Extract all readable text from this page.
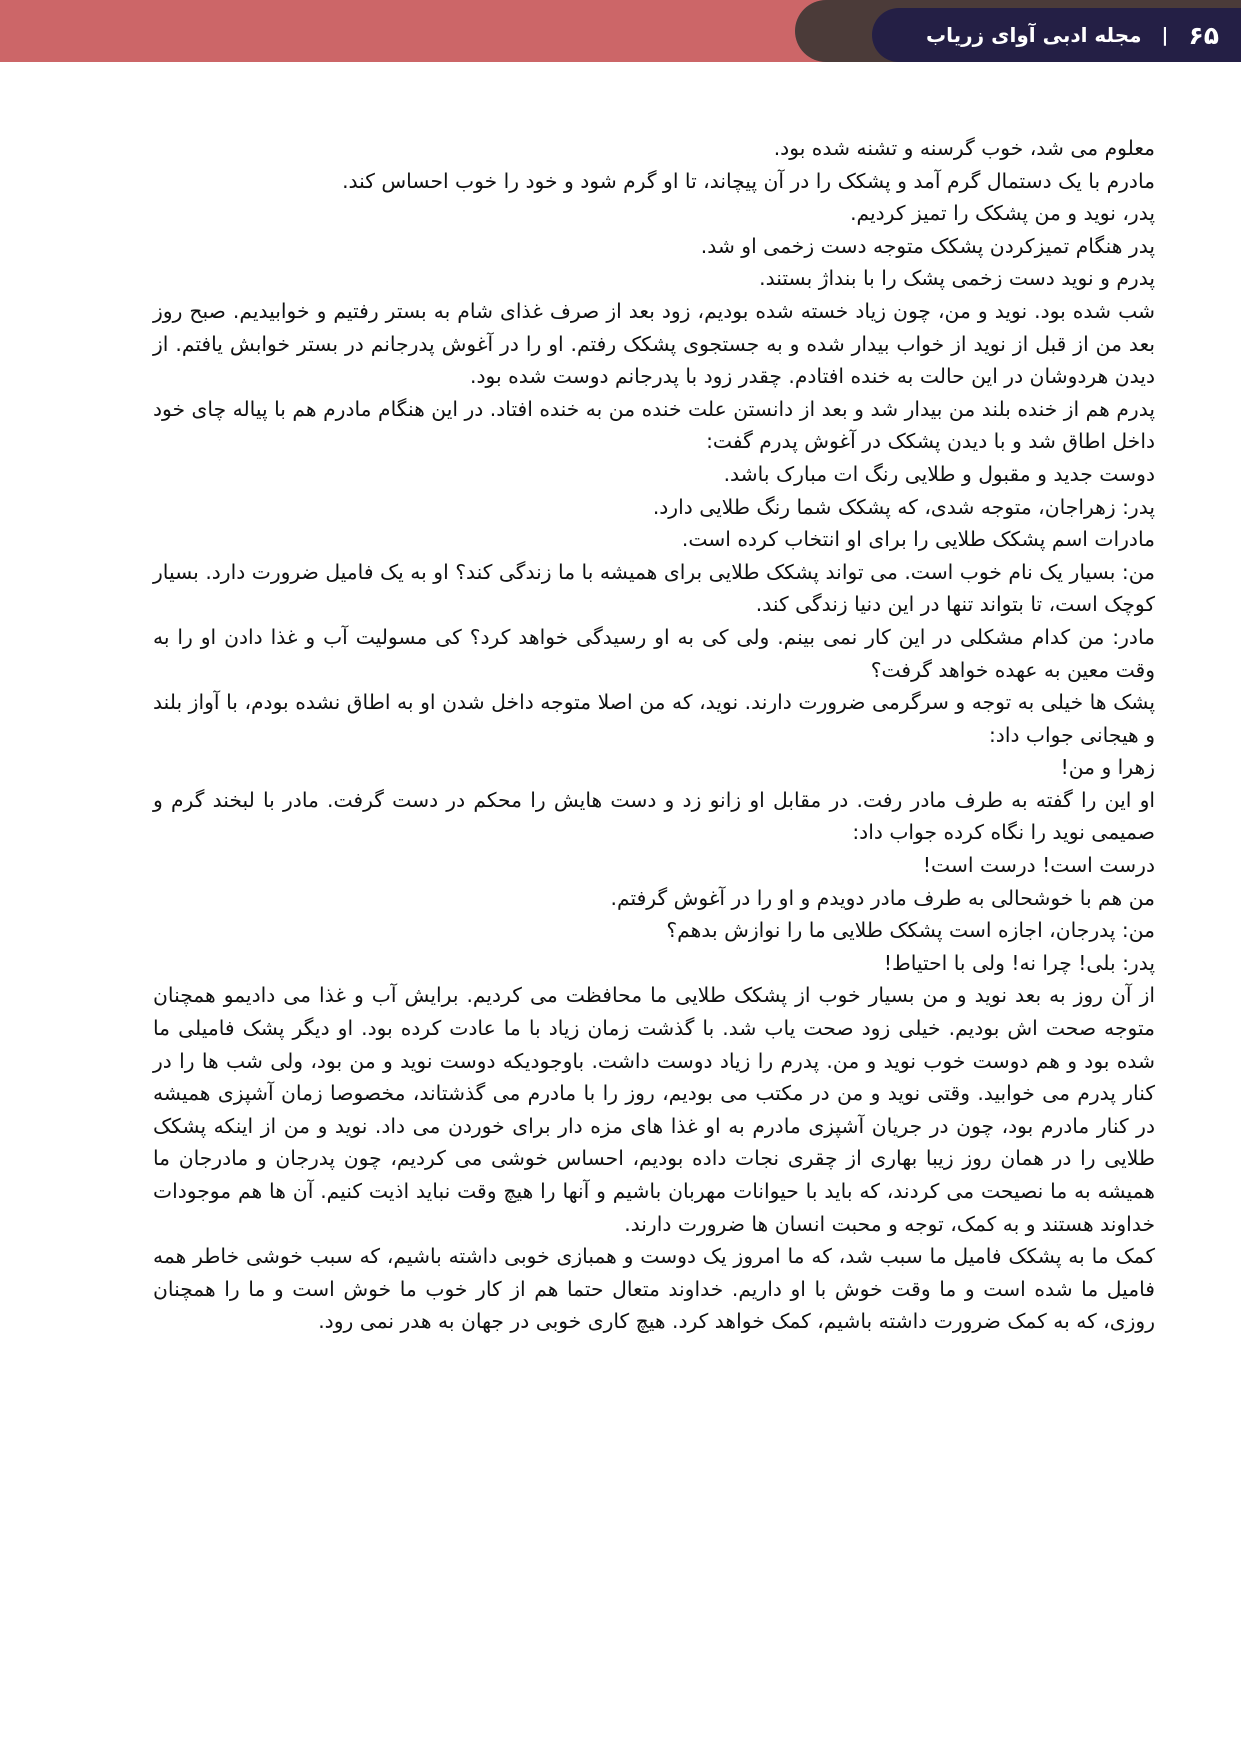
۶۵
|
مجله ادبی آوای زریاب

معلوم می شد، خوب گرسنه و تشنه شده بود.

مادرم با یک دستمال گرم آمد و پشکک را در آن پیچاند، تا او گرم شود و خود را خوب احساس کند.

پدر، نوید و من پشکک را تمیز کردیم.

پدر هنگام تمیزکردن پشکک متوجه دست زخمی او شد.

پدرم و نوید دست زخمی پشک را با بنداژ بستند.

شب شده بود. نوید و من، چون زیاد خسته شده بودیم، زود بعد از صرف غذای شام به بستر رفتیم و خوابیدیم. صبح روز بعد من از قبل از نوید از خواب بیدار شده و به جستجوی پشکک رفتم. او را در آغوش پدرجانم در بستر خوابش یافتم. از دیدن هردوشان در این حالت به خنده افتادم. چقدر زود با پدرجانم دوست شده بود.

پدرم هم از خنده بلند من بیدار شد و بعد از دانستن علت خنده من به خنده افتاد. در این هنگام مادرم هم با پیاله چای خود داخل اطاق شد و با دیدن پشکک در آغوش پدرم گفت:

دوست جدید و مقبول و طلایی رنگ ات مبارک باشد.

پدر: زهراجان، متوجه شدی، که پشکک شما رنگ طلایی دارد.

مادرات اسم پشکک طلایی را برای او انتخاب کرده است.

من: بسیار یک نام خوب است. می تواند پشکک طلایی برای همیشه با ما زندگی کند؟ او به یک فامیل ضرورت دارد. بسیار کوچک است، تا بتواند تنها در این دنیا زندگی کند.

مادر: من کدام مشکلی در این کار نمی بینم. ولی کی به او رسیدگی خواهد کرد؟ کی مسولیت آب و غذا دادن او را به وقت معین به عهده خواهد گرفت؟

پشک ها خیلی به توجه و سرگرمی ضرورت دارند. نوید، که من اصلا متوجه داخل شدن او به اطاق نشده بودم، با آواز بلند و هیجانی جواب داد:

زهرا و من!

او این را گفته به طرف مادر رفت. در مقابل او زانو زد و دست هایش را محکم در دست گرفت. مادر با لبخند گرم و صمیمی نوید را نگاه کرده جواب داد:

درست است! درست است!

من هم با خوشحالی به طرف مادر دویدم و او را در آغوش گرفتم.

من: پدرجان، اجازه است پشکک طلایی ما را نوازش بدهم؟

پدر: بلی! چرا نه! ولی با احتیاط!

از آن روز به بعد نوید و من بسیار خوب از پشکک طلایی ما محافظت می کردیم. برایش آب و غذا می دادیمو همچنان متوجه صحت اش بودیم. خیلی زود صحت یاب شد. با گذشت زمان زیاد با ما عادت کرده بود. او دیگر پشک فامیلی ما شده بود و هم دوست خوب نوید و من. پدرم را زیاد دوست داشت. باوجودیکه دوست نوید و من بود، ولی شب ها را در کنار پدرم می خوابید. وقتی نوید و من در مکتب می بودیم، روز را با مادرم می گذشتاند، مخصوصا زمان آشپزی همیشه در کنار مادرم بود، چون در جریان آشپزی مادرم به او غذا های مزه دار برای خوردن می داد. نوید و من از اینکه پشکک طلایی را در همان روز زیبا بهاری از چقری نجات داده بودیم، احساس خوشی می کردیم، چون پدرجان و مادرجان ما همیشه به ما نصیحت می کردند، که باید با حیوانات مهربان باشیم و آنها را هیچ وقت نباید اذیت کنیم. آن ها هم موجودات خداوند هستند و به کمک، توجه و محبت انسان ها ضرورت دارند.

کمک ما به پشکک فامیل ما سبب شد، که ما امروز یک دوست و همبازی خوبی داشته باشیم، که سبب خوشی خاطر همه فامیل ما شده است و ما وقت خوش با او داریم. خداوند متعال حتما هم از کار خوب ما خوش است و ما را همچنان روزی، که به کمک ضرورت داشته باشیم، کمک خواهد کرد. هیچ کاری خوبی در جهان به هدر نمی رود.
